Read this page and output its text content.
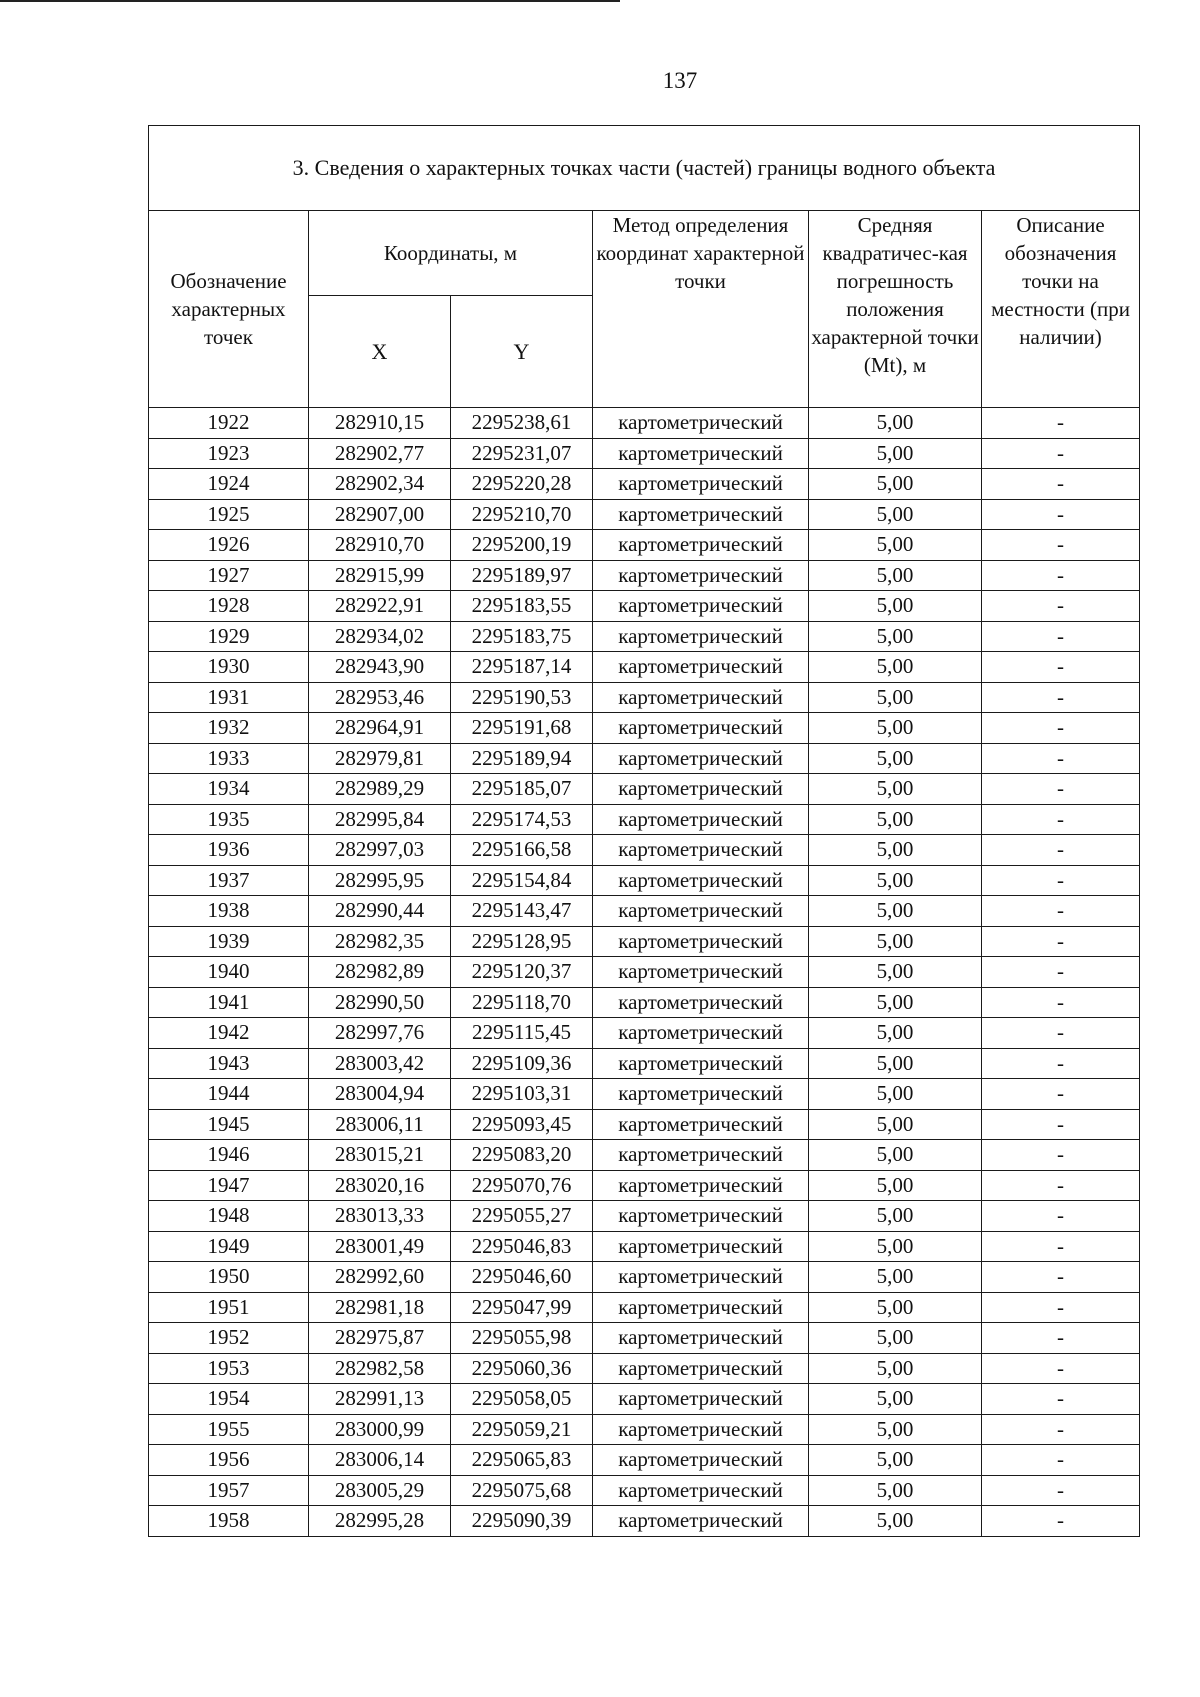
137
3. Сведения о характерных точках части (частей) границы водного объекта					
Обозначение характерных точек	Координаты, м		Метод определения координат характерной точки	Средняя квадратичес-кая погрешность положения характерной точки (Mt), м	Описание обозначения точки на местности (при наличии)
	X	Y			
1922	282910,15	2295238,61	картометрический	5,00	-
1923	282902,77	2295231,07	картометрический	5,00	-
1924	282902,34	2295220,28	картометрический	5,00	-
1925	282907,00	2295210,70	картометрический	5,00	-
1926	282910,70	2295200,19	картометрический	5,00	-
1927	282915,99	2295189,97	картометрический	5,00	-
1928	282922,91	2295183,55	картометрический	5,00	-
1929	282934,02	2295183,75	картометрический	5,00	-
1930	282943,90	2295187,14	картометрический	5,00	-
1931	282953,46	2295190,53	картометрический	5,00	-
1932	282964,91	2295191,68	картометрический	5,00	-
1933	282979,81	2295189,94	картометрический	5,00	-
1934	282989,29	2295185,07	картометрический	5,00	-
1935	282995,84	2295174,53	картометрический	5,00	-
1936	282997,03	2295166,58	картометрический	5,00	-
1937	282995,95	2295154,84	картометрический	5,00	-
1938	282990,44	2295143,47	картометрический	5,00	-
1939	282982,35	2295128,95	картометрический	5,00	-
1940	282982,89	2295120,37	картометрический	5,00	-
1941	282990,50	2295118,70	картометрический	5,00	-
1942	282997,76	2295115,45	картометрический	5,00	-
1943	283003,42	2295109,36	картометрический	5,00	-
1944	283004,94	2295103,31	картометрический	5,00	-
1945	283006,11	2295093,45	картометрический	5,00	-
1946	283015,21	2295083,20	картометрический	5,00	-
1947	283020,16	2295070,76	картометрический	5,00	-
1948	283013,33	2295055,27	картометрический	5,00	-
1949	283001,49	2295046,83	картометрический	5,00	-
1950	282992,60	2295046,60	картометрический	5,00	-
1951	282981,18	2295047,99	картометрический	5,00	-
1952	282975,87	2295055,98	картометрический	5,00	-
1953	282982,58	2295060,36	картометрический	5,00	-
1954	282991,13	2295058,05	картометрический	5,00	-
1955	283000,99	2295059,21	картометрический	5,00	-
1956	283006,14	2295065,83	картометрический	5,00	-
1957	283005,29	2295075,68	картометрический	5,00	-
1958	282995,28	2295090,39	картометрический	5,00	-
